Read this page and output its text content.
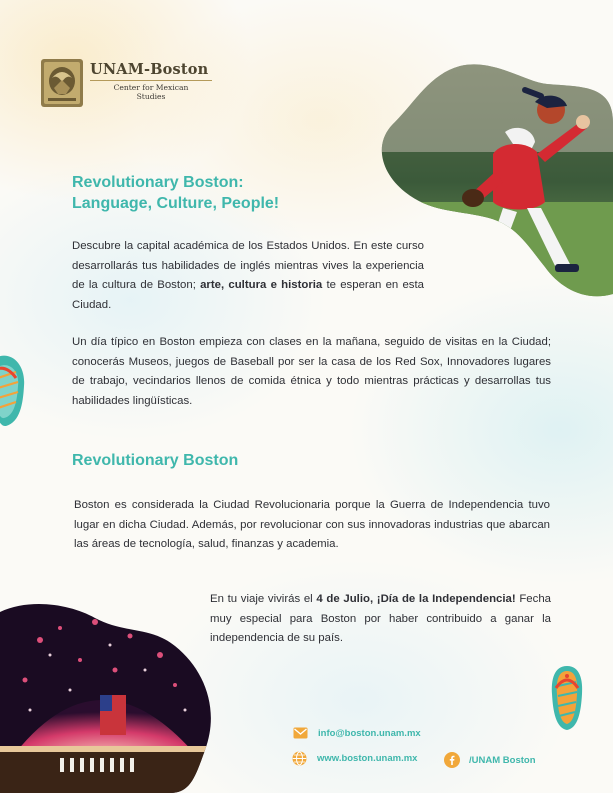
UNAM-Boston
Center for Mexican
Studies
Revolutionary Boston:
Language, Culture, People!
Descubre la capital académica de los Estados Unidos. En este curso desarrollarás tus habilidades de inglés mientras vives la experiencia de la cultura de Boston; arte, cultura e historia te esperan en esta Ciudad.
Un día típico en Boston empieza con clases en la mañana, seguido de visitas en la Ciudad; conocerás Museos, juegos de Baseball por ser la casa de los Red Sox, Innovadores lugares de trabajo, vecindarios llenos de comida étnica y todo mientras prácticas y desarrollas tus habilidades lingüísticas.
Revolutionary Boston
Boston es considerada la Ciudad Revolucionaria porque la Guerra de Independencia tuvo lugar en dicha Ciudad. Además, por revolucionar con sus innovadoras industrias que abarcan las áreas de tecnología, salud, finanzas y academia.
En tu viaje vivirás el 4 de Julio, ¡Día de la Independencia! Fecha muy especial para Boston por haber contribuido a ganar la independencia de su país.
info@boston.unam.mx
www.boston.unam.mx	/UNAM Boston
